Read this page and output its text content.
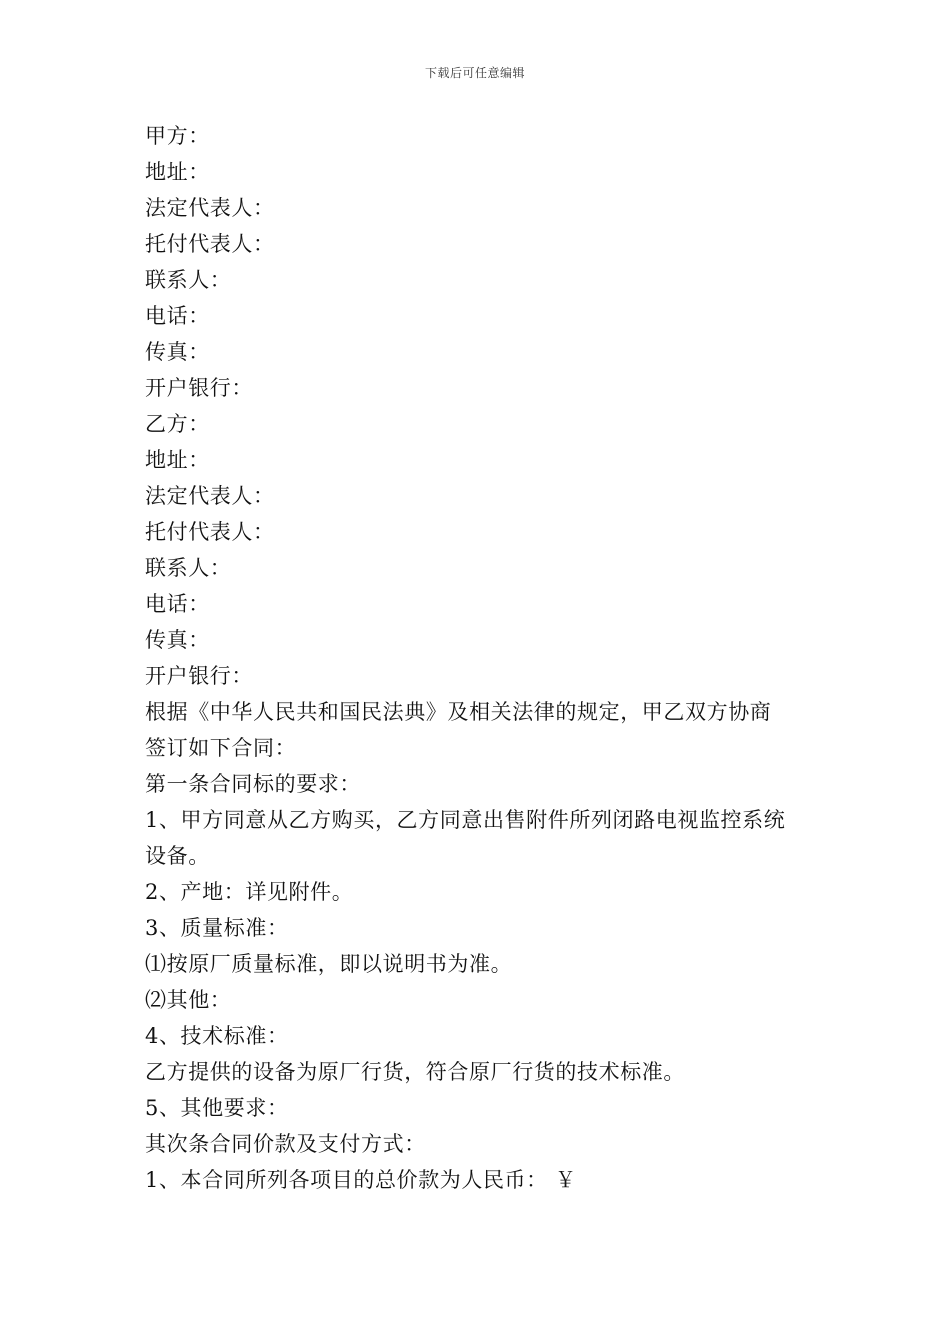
下载后可任意编辑
甲方：
地址：
法定代表人：
托付代表人：
联系人：
电话：
传真：
开户银行：
乙方：
地址：
法定代表人：
托付代表人：
联系人：
电话：
传真：
开户银行：
根据《中华人民共和国民法典》及相关法律的规定，甲乙双方协商
签订如下合同：
第一条合同标的要求：
1、甲方同意从乙方购买，乙方同意出售附件所列闭路电视监控系统
设备。
2、产地：详见附件。
3、质量标准：
⑴按原厂质量标准，即以说明书为准。
⑵其他：
4、技术标准：
乙方提供的设备为原厂行货，符合原厂行货的技术标准。
5、其他要求：
其次条合同价款及支付方式：
1、本合同所列各项目的总价款为人民币： ￥
